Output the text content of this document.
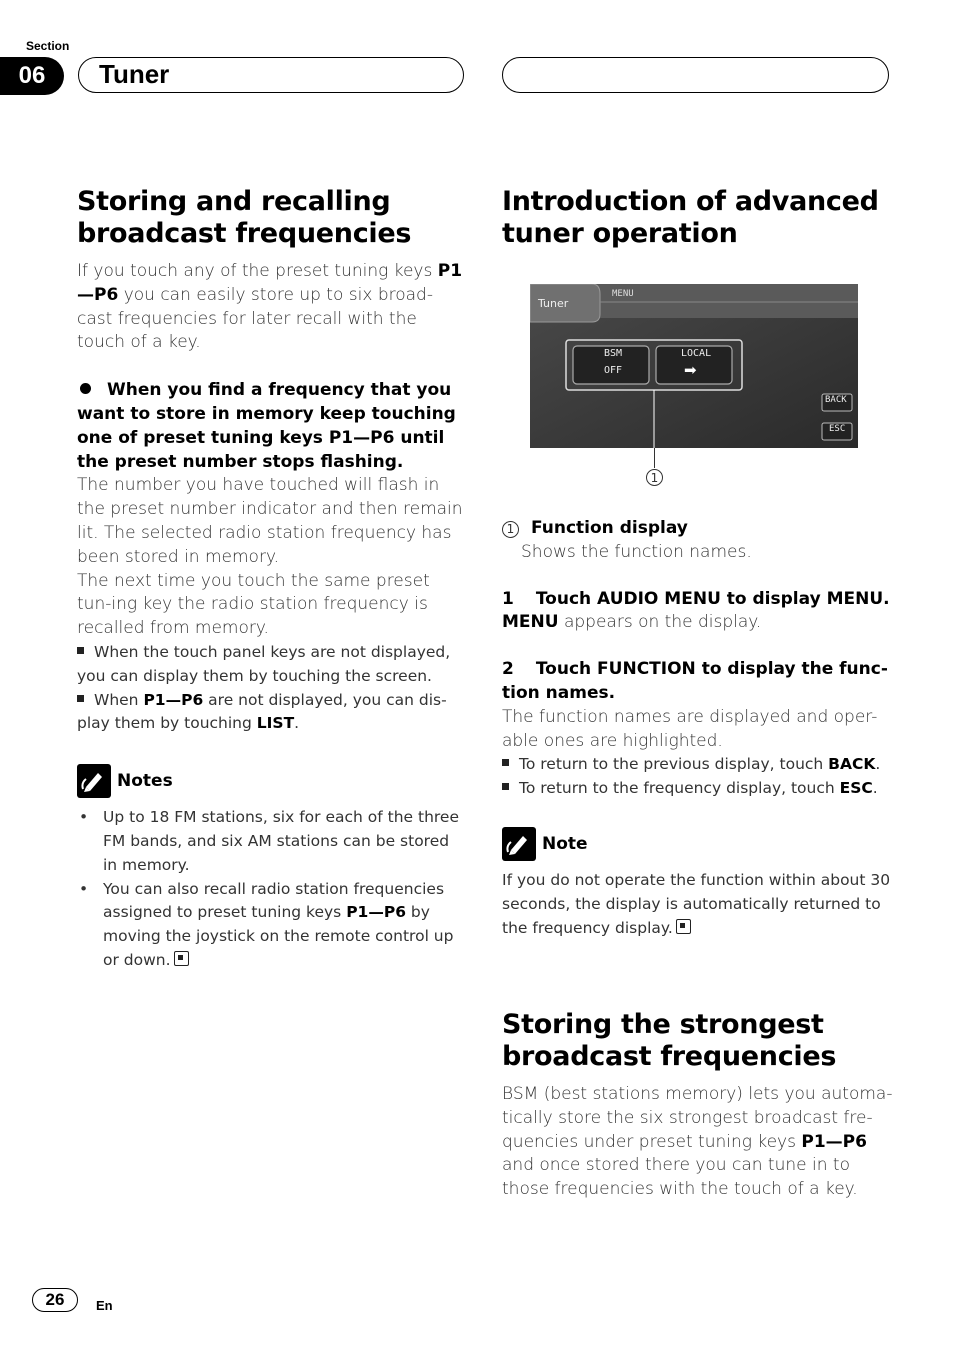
Section
06	Tuner
Storing and recalling broadcast frequencies

If you touch any of the preset tuning keys P1—P6 you can easily store up to six broad-cast frequencies for later recall with the touch of a key.

When you find a frequency that you want to store in memory keep touching one of preset tuning keys P1—P6 until the preset number stops flashing.

The number you have touched will flash in the preset number indicator and then remain lit. The selected radio station frequency has been stored in memory.

The next time you touch the same preset tun-ing key the radio station frequency is recalled from memory.

When the touch panel keys are not displayed, you can display them by touching the screen.

When P1—P6 are not displayed, you can dis-play them by touching LIST.

Notes
• Up to 18 FM stations, six for each of the three FM bands, and six AM stations can be stored in memory.
• You can also recall radio station frequencies assigned to preset tuning keys P1—P6 by moving the joystick on the remote control up or down.
Introduction of advanced tuner operation
Tuner
MENU
BSM
OFF
LOCAL
➡
BACK
ESC
1

1 Function display

Shows the function names.

1 Touch AUDIO MENU to display MENU.

MENU appears on the display.

2 Touch FUNCTION to display the func-tion names.

The function names are displayed and oper-able ones are highlighted.

To return to the previous display, touch BACK.

To return to the frequency display, touch ESC.

Note

If you do not operate the function within about 30 seconds, the display is automatically returned to the frequency display.

Storing the strongest broadcast frequencies

BSM (best stations memory) lets you automa-tically store the six strongest broadcast fre-quencies under preset tuning keys P1—P6 and once stored there you can tune in to those frequencies with the touch of a key.

26	En
